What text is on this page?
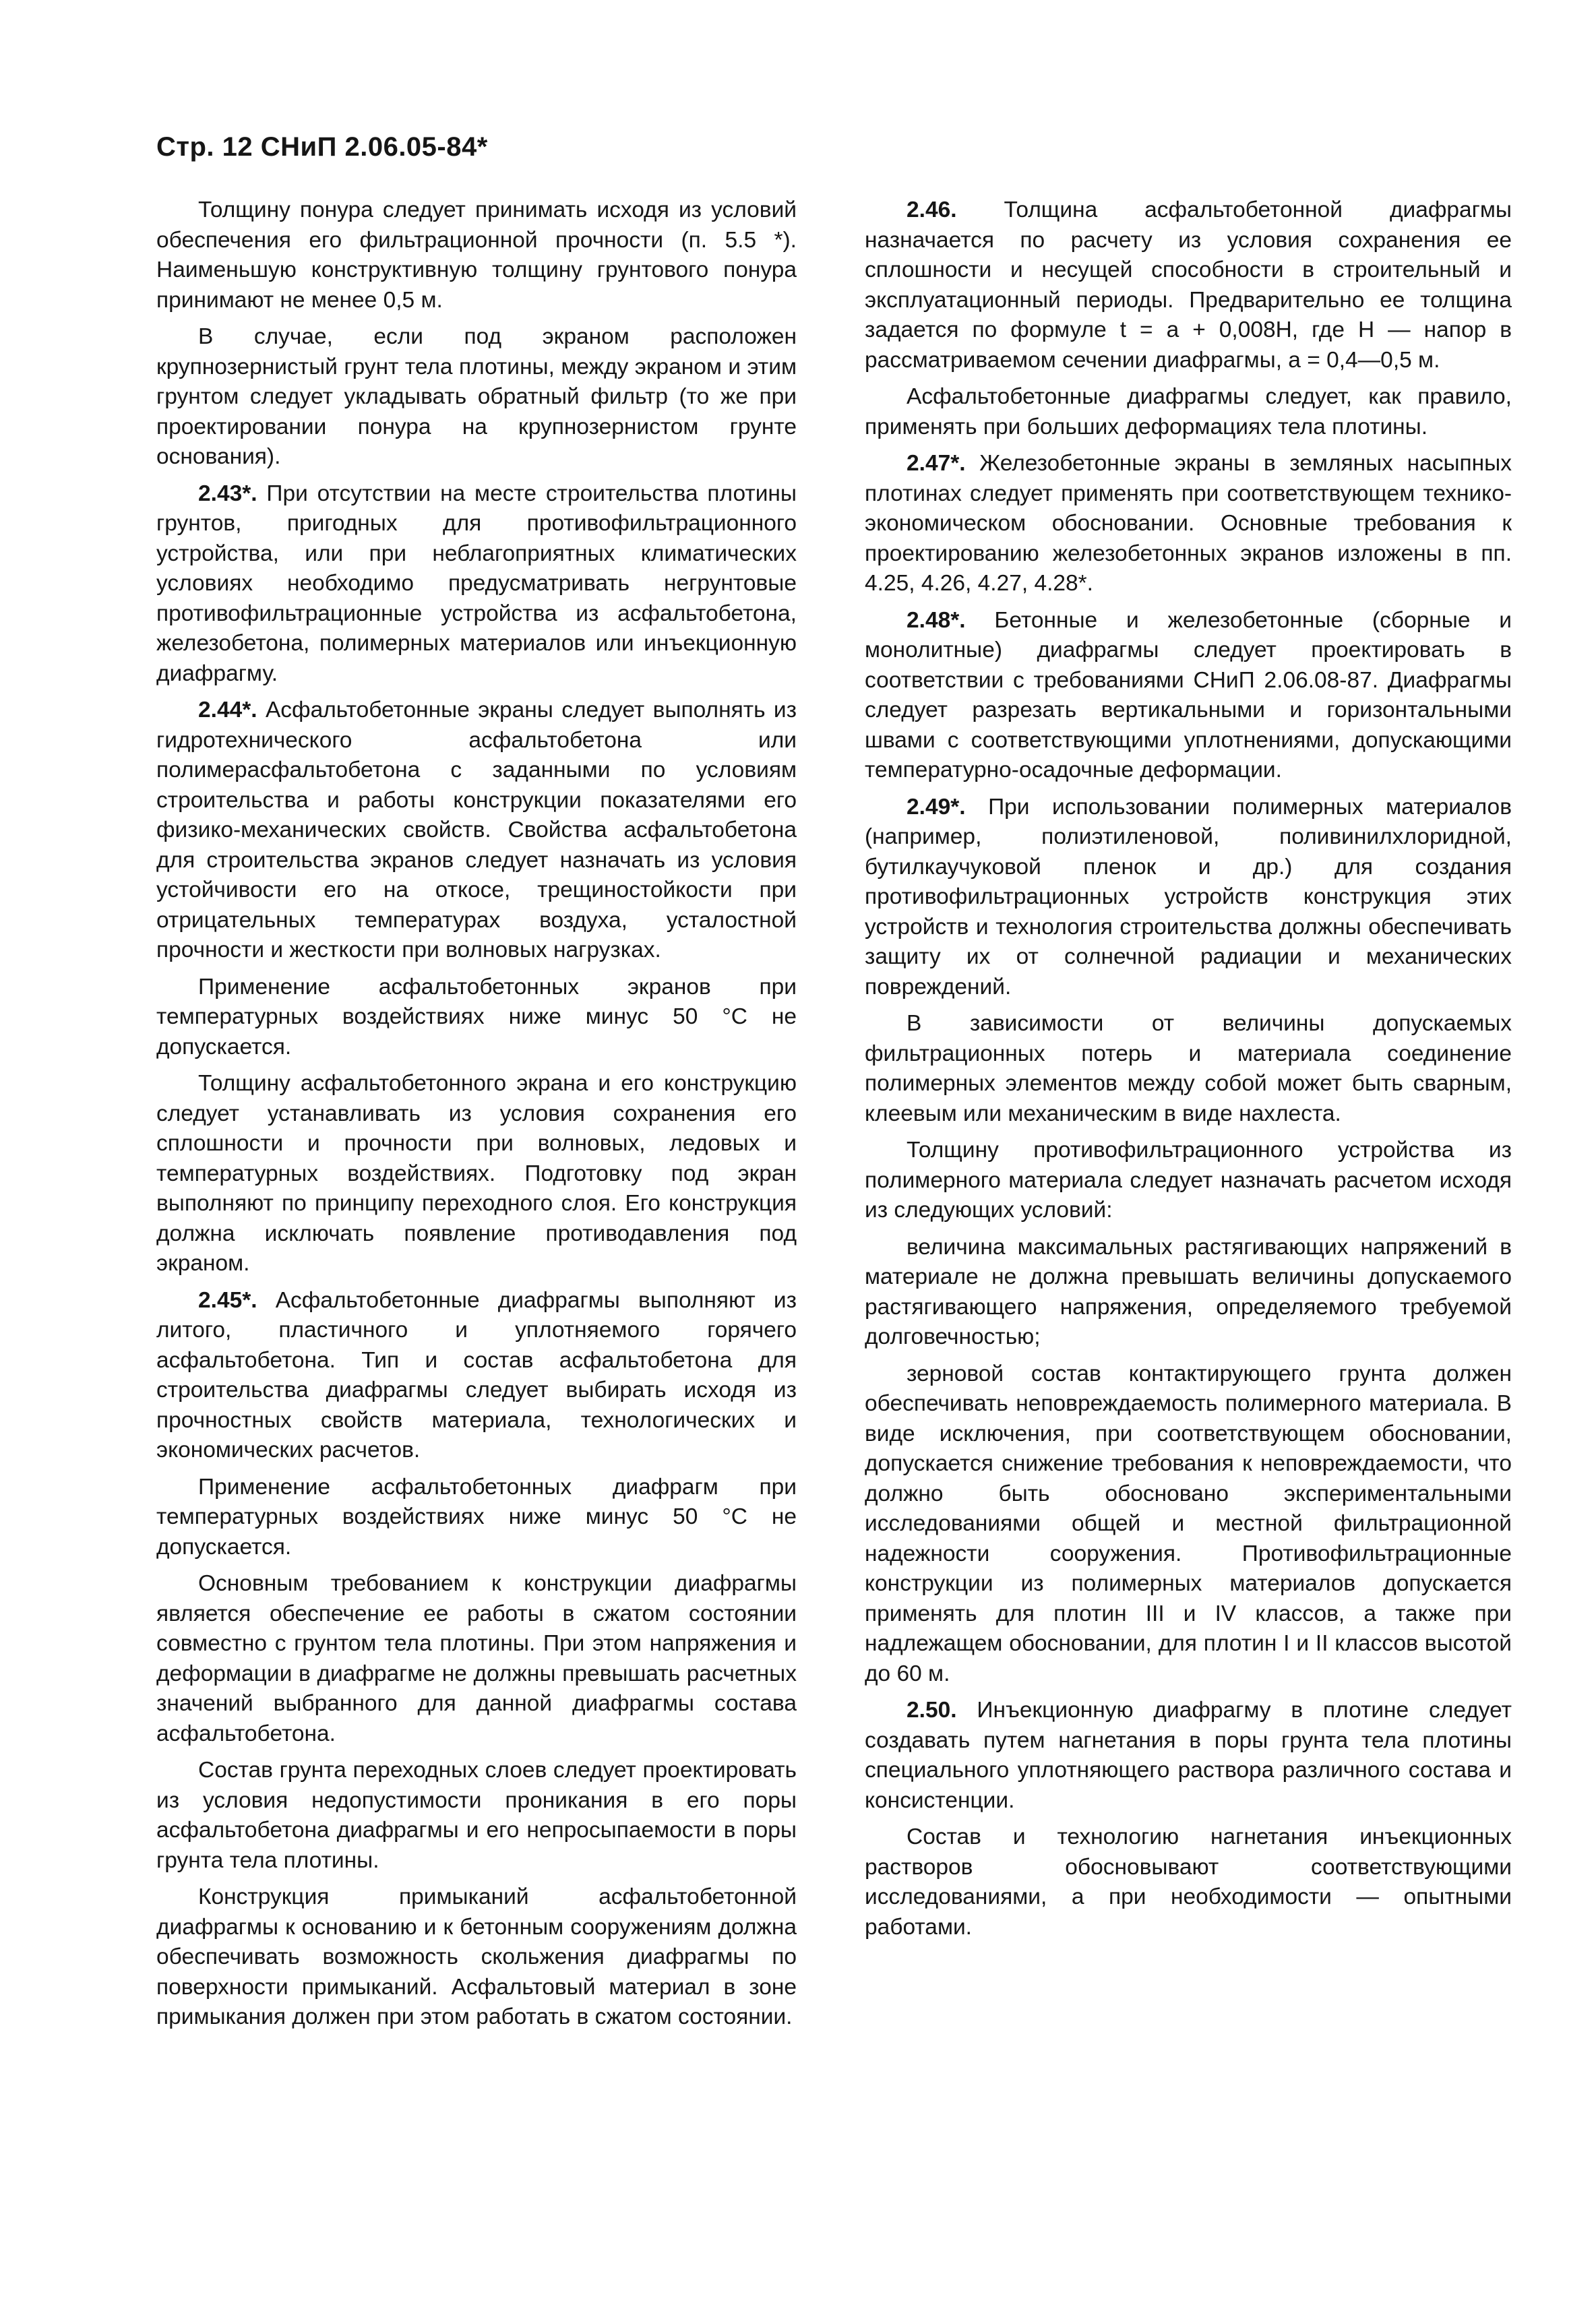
Стр. 12 СНиП 2.06.05-84*

Толщину понура следует принимать исходя из условий обеспечения его фильтрационной прочности (п. 5.5 *). Наименьшую конструктивную толщину грунтового понура принимают не менее 0,5 м.

В случае, если под экраном расположен крупнозернистый грунт тела плотины, между экраном и этим грунтом следует укладывать обратный фильтр (то же при проектировании понура на крупнозернистом грунте основания).

2.43*. При отсутствии на месте строительства плотины грунтов, пригодных для противофильтрационного устройства, или при неблагоприятных климатических условиях необходимо предусматривать негрунтовые противофильтрационные устройства из асфальтобетона, железобетона, полимерных материалов или инъекционную диафрагму.

2.44*. Асфальтобетонные экраны следует выполнять из гидротехнического асфальтобетона или полимерасфальтобетона с заданными по условиям строительства и работы конструкции показателями его физико-механических свойств. Свойства асфальтобетона для строительства экранов следует назначать из условия устойчивости его на откосе, трещиностойкости при отрицательных температурах воздуха, усталостной прочности и жесткости при волновых нагрузках.

Применение асфальтобетонных экранов при температурных воздействиях ниже минус 50 °С не допускается.

Толщину асфальтобетонного экрана и его конструкцию следует устанавливать из условия сохранения его сплошности и прочности при волновых, ледовых и температурных воздействиях. Подготовку под экран выполняют по принципу переходного слоя. Его конструкция должна исключать появление противодавления под экраном.

2.45*. Асфальтобетонные диафрагмы выполняют из литого, пластичного и уплотняемого горячего асфальтобетона. Тип и состав асфальтобетона для строительства диафрагмы следует выбирать исходя из прочностных свойств материала, технологических и экономических расчетов.

Применение асфальтобетонных диафрагм при температурных воздействиях ниже минус 50 °С не допускается.

Основным требованием к конструкции диафрагмы является обеспечение ее работы в сжатом состоянии совместно с грунтом тела плотины. При этом напряжения и деформации в диафрагме не должны превышать расчетных значений выбранного для данной диафрагмы состава асфальтобетона.

Состав грунта переходных слоев следует проектировать из условия недопустимости проникания в его поры асфальтобетона диафрагмы и его непросыпаемости в поры грунта тела плотины.

Конструкция примыканий асфальтобетонной диафрагмы к основанию и к бетонным сооружениям должна обеспечивать возможность скольжения диафрагмы по поверхности примыканий. Асфальтовый материал в зоне примыкания должен при этом работать в сжатом состоянии.

2.46. Толщина асфальтобетонной диафрагмы назначается по расчету из условия сохранения ее сплошности и несущей способности в строительный и эксплуатационный периоды. Предварительно ее толщина задается по формуле t = a + 0,008H, где H — напор в рассматриваемом сечении диафрагмы, a = 0,4—0,5 м.

Асфальтобетонные диафрагмы следует, как правило, применять при больших деформациях тела плотины.

2.47*. Железобетонные экраны в земляных насыпных плотинах следует применять при соответствующем технико-экономическом обосновании. Основные требования к проектированию железобетонных экранов изложены в пп. 4.25, 4.26, 4.27, 4.28*.

2.48*. Бетонные и железобетонные (сборные и монолитные) диафрагмы следует проектировать в соответствии с требованиями СНиП 2.06.08-87. Диафрагмы следует разрезать вертикальными и горизонтальными швами с соответствующими уплотнениями, допускающими температурно-осадочные деформации.

2.49*. При использовании полимерных материалов (например, полиэтиленовой, поливинилхлоридной, бутилкаучуковой пленок и др.) для создания противофильтрационных устройств конструкция этих устройств и технология строительства должны обеспечивать защиту их от солнечной радиации и механических повреждений.

В зависимости от величины допускаемых фильтрационных потерь и материала соединение полимерных элементов между собой может быть сварным, клеевым или механическим в виде нахлеста.

Толщину противофильтрационного устройства из полимерного материала следует назначать расчетом исходя из следующих условий:

величина максимальных растягивающих напряжений в материале не должна превышать величины допускаемого растягивающего напряжения, определяемого требуемой долговечностью;

зерновой состав контактирующего грунта должен обеспечивать неповреждаемость полимерного материала. В виде исключения, при соответствующем обосновании, допускается снижение требования к неповреждаемости, что должно быть обосновано экспериментальными исследованиями общей и местной фильтрационной надежности сооружения. Противофильтрационные конструкции из полимерных материалов допускается применять для плотин III и IV классов, а также при надлежащем обосновании, для плотин I и II классов высотой до 60 м.

2.50. Инъекционную диафрагму в плотине следует создавать путем нагнетания в поры грунта тела плотины специального уплотняющего раствора различного состава и консистенции.

Состав и технологию нагнетания инъекционных растворов обосновывают соответствующими исследованиями, а при необходимости — опытными работами.
